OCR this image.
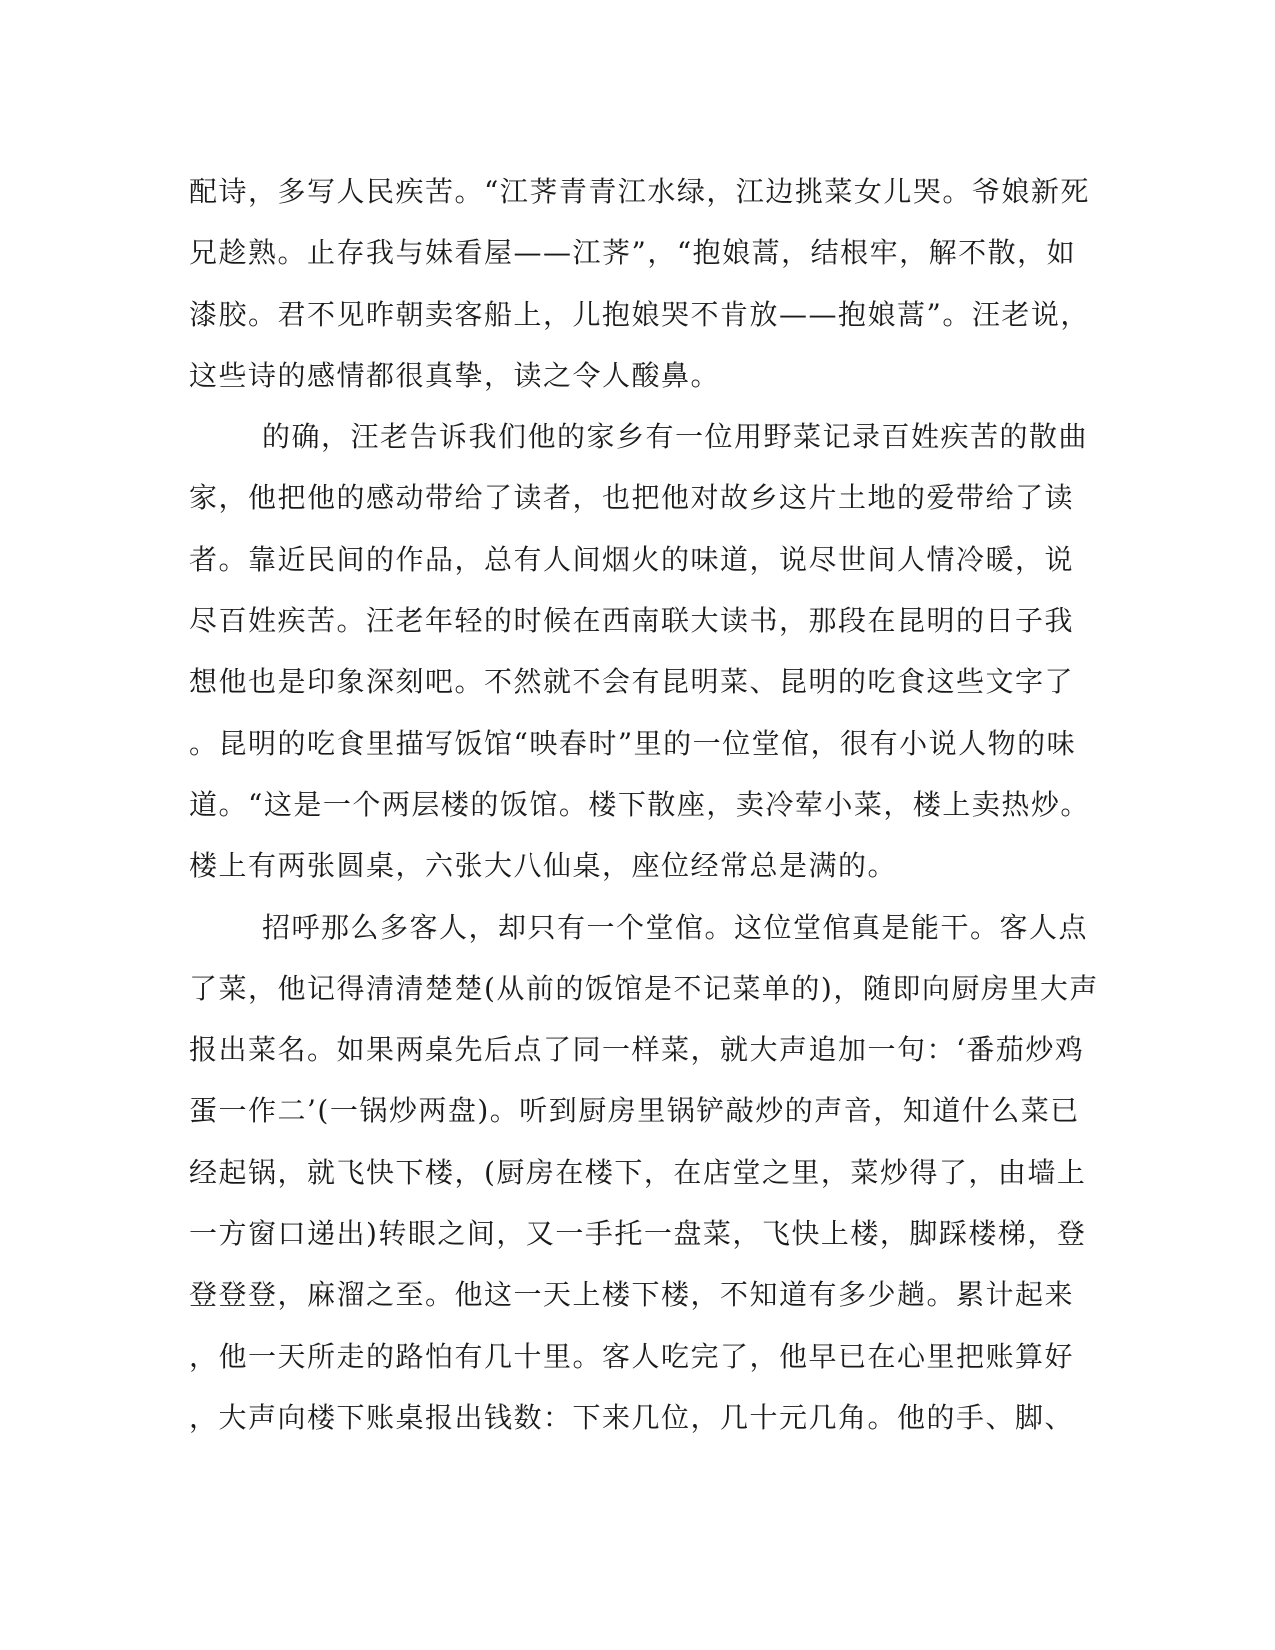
配诗，多写人民疾苦。“江荠青青江水绿，江边挑菜女儿哭。爷娘新死
兄趁熟。止存我与妹看屋——江荠”，“抱娘蒿，结根牢，解不散，如
漆胶。君不见昨朝卖客船上，儿抱娘哭不肯放——抱娘蒿”。汪老说，
这些诗的感情都很真挚，读之令人酸鼻。
的确，汪老告诉我们他的家乡有一位用野菜记录百姓疾苦的散曲
家，他把他的感动带给了读者，也把他对故乡这片土地的爱带给了读
者。靠近民间的作品，总有人间烟火的味道，说尽世间人情冷暖，说
尽百姓疾苦。汪老年轻的时候在西南联大读书，那段在昆明的日子我
想他也是印象深刻吧。不然就不会有昆明菜、昆明的吃食这些文字了
。昆明的吃食里描写饭馆“映春时”里的一位堂倌，很有小说人物的味
道。“这是一个两层楼的饭馆。楼下散座，卖冷荤小菜，楼上卖热炒。
楼上有两张圆桌，六张大八仙桌，座位经常总是满的。
招呼那么多客人，却只有一个堂倌。这位堂倌真是能干。客人点
了菜，他记得清清楚楚(从前的饭馆是不记菜单的)，随即向厨房里大声
报出菜名。如果两桌先后点了同一样菜，就大声追加一句：‘番茄炒鸡
蛋一作二’(一锅炒两盘)。听到厨房里锅铲敲炒的声音，知道什么菜已
经起锅，就飞快下楼，(厨房在楼下，在店堂之里，菜炒得了，由墙上
一方窗口递出)转眼之间，又一手托一盘菜，飞快上楼，脚踩楼梯，登
登登登，麻溜之至。他这一天上楼下楼，不知道有多少趟。累计起来
，他一天所走的路怕有几十里。客人吃完了，他早已在心里把账算好
，大声向楼下账桌报出钱数：下来几位，几十元几角。他的手、脚、
